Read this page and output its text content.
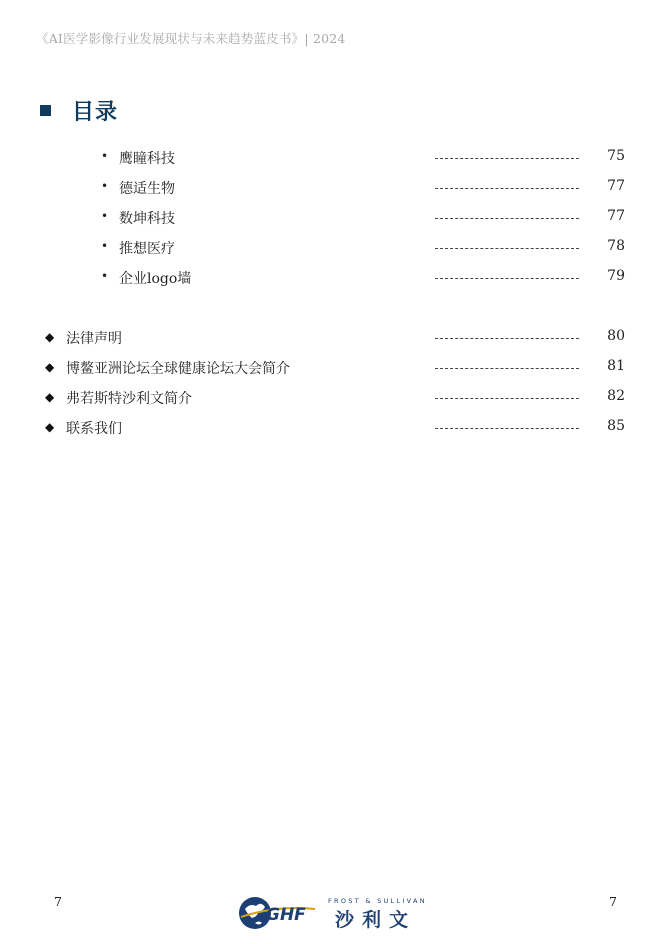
《AI医学影像行业发展现状与未来趋势蓝皮书》| 2024
目录
• 鹰瞳科技	75
• 德适生物	77
• 数坤科技	77
• 推想医疗	78
• 企业logo墙	79
◆ 法律声明	80
◆ 博鳌亚洲论坛全球健康论坛大会简介	81
◆ 弗若斯特沙利文简介	82
◆ 联系我们	85
7	7
GHF
FROST & SULLIVAN
沙利文
